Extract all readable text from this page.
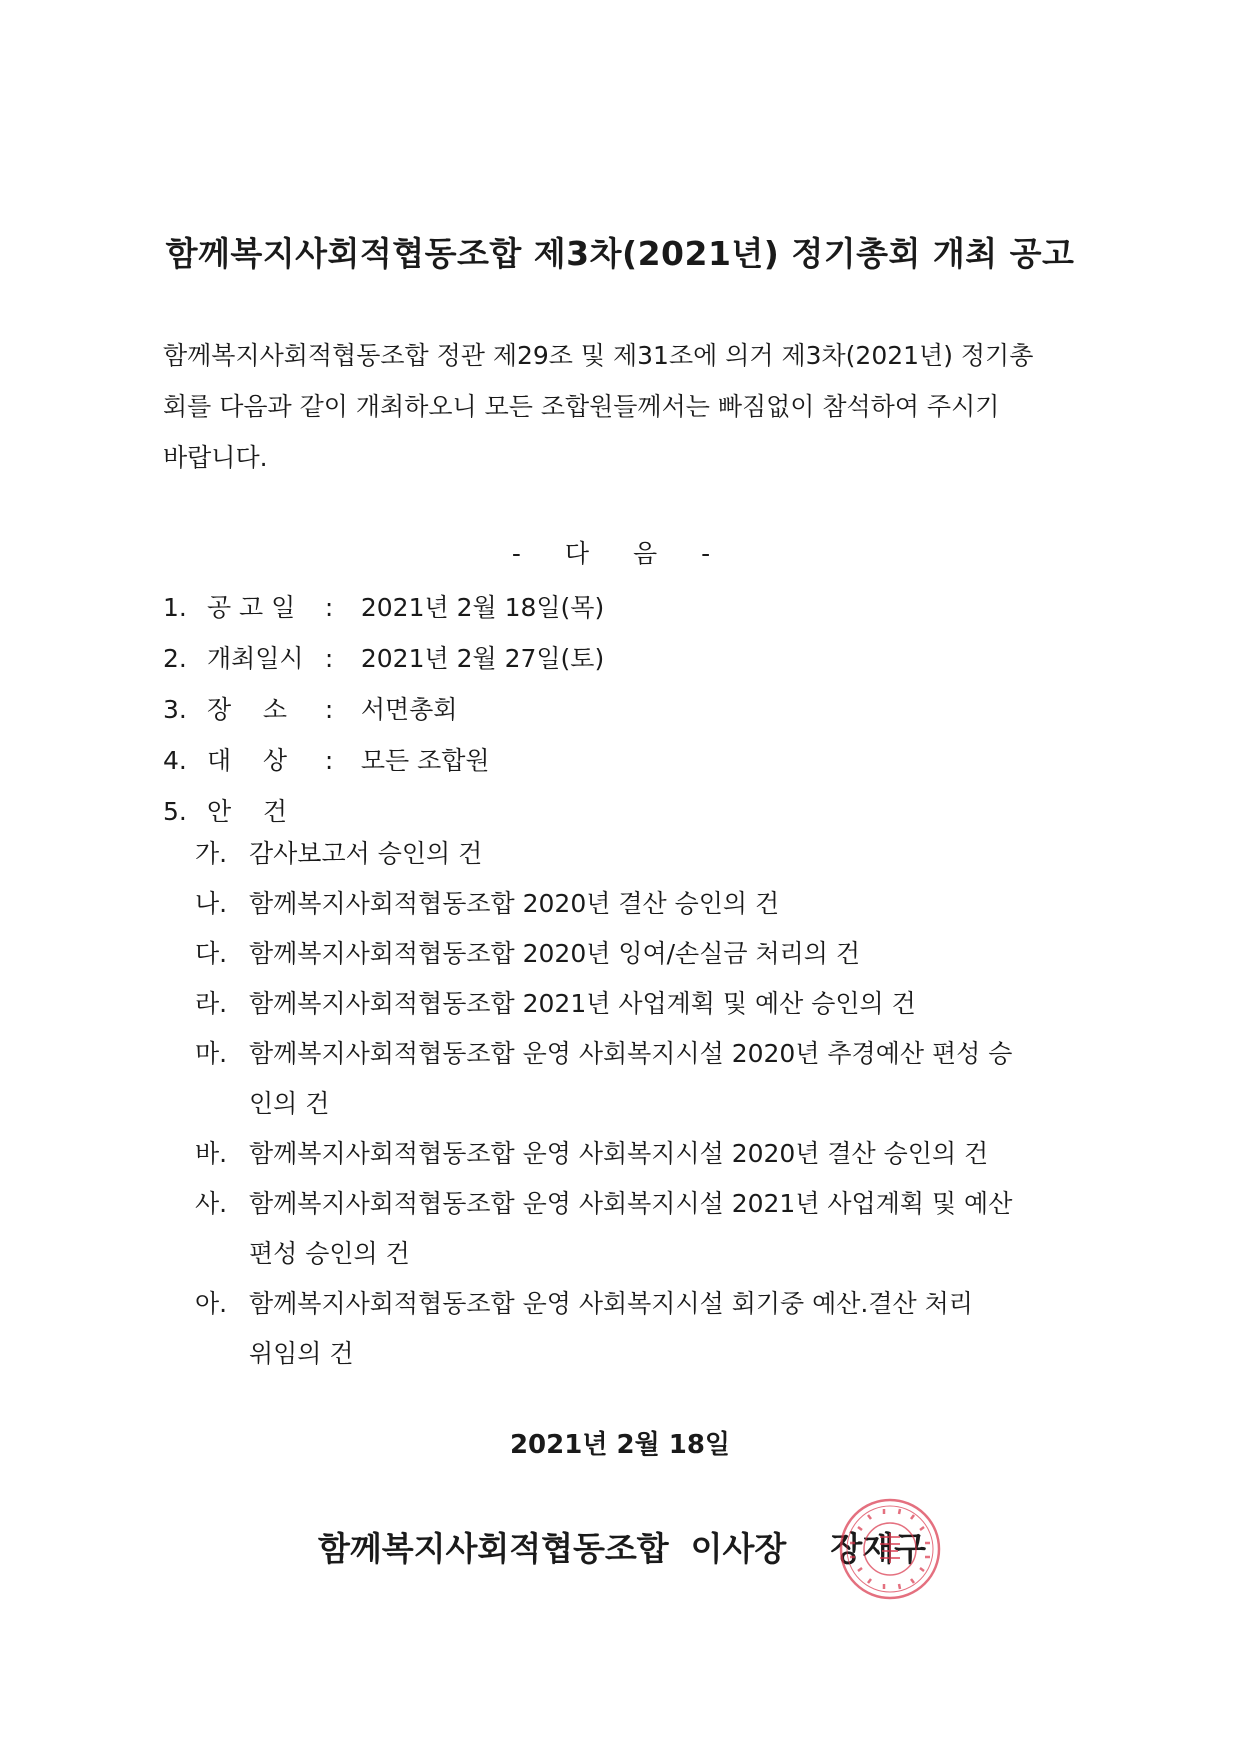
함께복지사회적협동조합 제3차(2021년) 정기총회 개최 공고
함께복지사회적협동조합 정관 제29조 및 제31조에 의거 제3차(2021년) 정기총
회를 다음과 같이 개최하오니 모든 조합원들께서는 빠짐없이 참석하여 주시기
바랍니다.
- 다 음 -
1. 공 고 일 : 2021년 2월 18일(목)
2. 개최일시 : 2021년 2월 27일(토)
3. 장    소 : 서면총회
4. 대    상 : 모든 조합원
5. 안    건
가. 감사보고서 승인의 건
나. 함께복지사회적협동조합 2020년 결산 승인의 건
다. 함께복지사회적협동조합 2020년 잉여/손실금 처리의 건
라. 함께복지사회적협동조합 2021년 사업계획 및 예산 승인의 건
마. 함께복지사회적협동조합 운영 사회복지시설 2020년 추경예산 편성 승
인의 건
바. 함께복지사회적협동조합 운영 사회복지시설 2020년 결산 승인의 건
사. 함께복지사회적협동조합 운영 사회복지시설 2021년 사업계획 및 예산
편성 승인의 건
아. 함께복지사회적협동조합 운영 사회복지시설 회기중 예산.결산 처리
위임의 건
2021년 2월 18일
함께복지사회적협동조합 이사장 장재구
